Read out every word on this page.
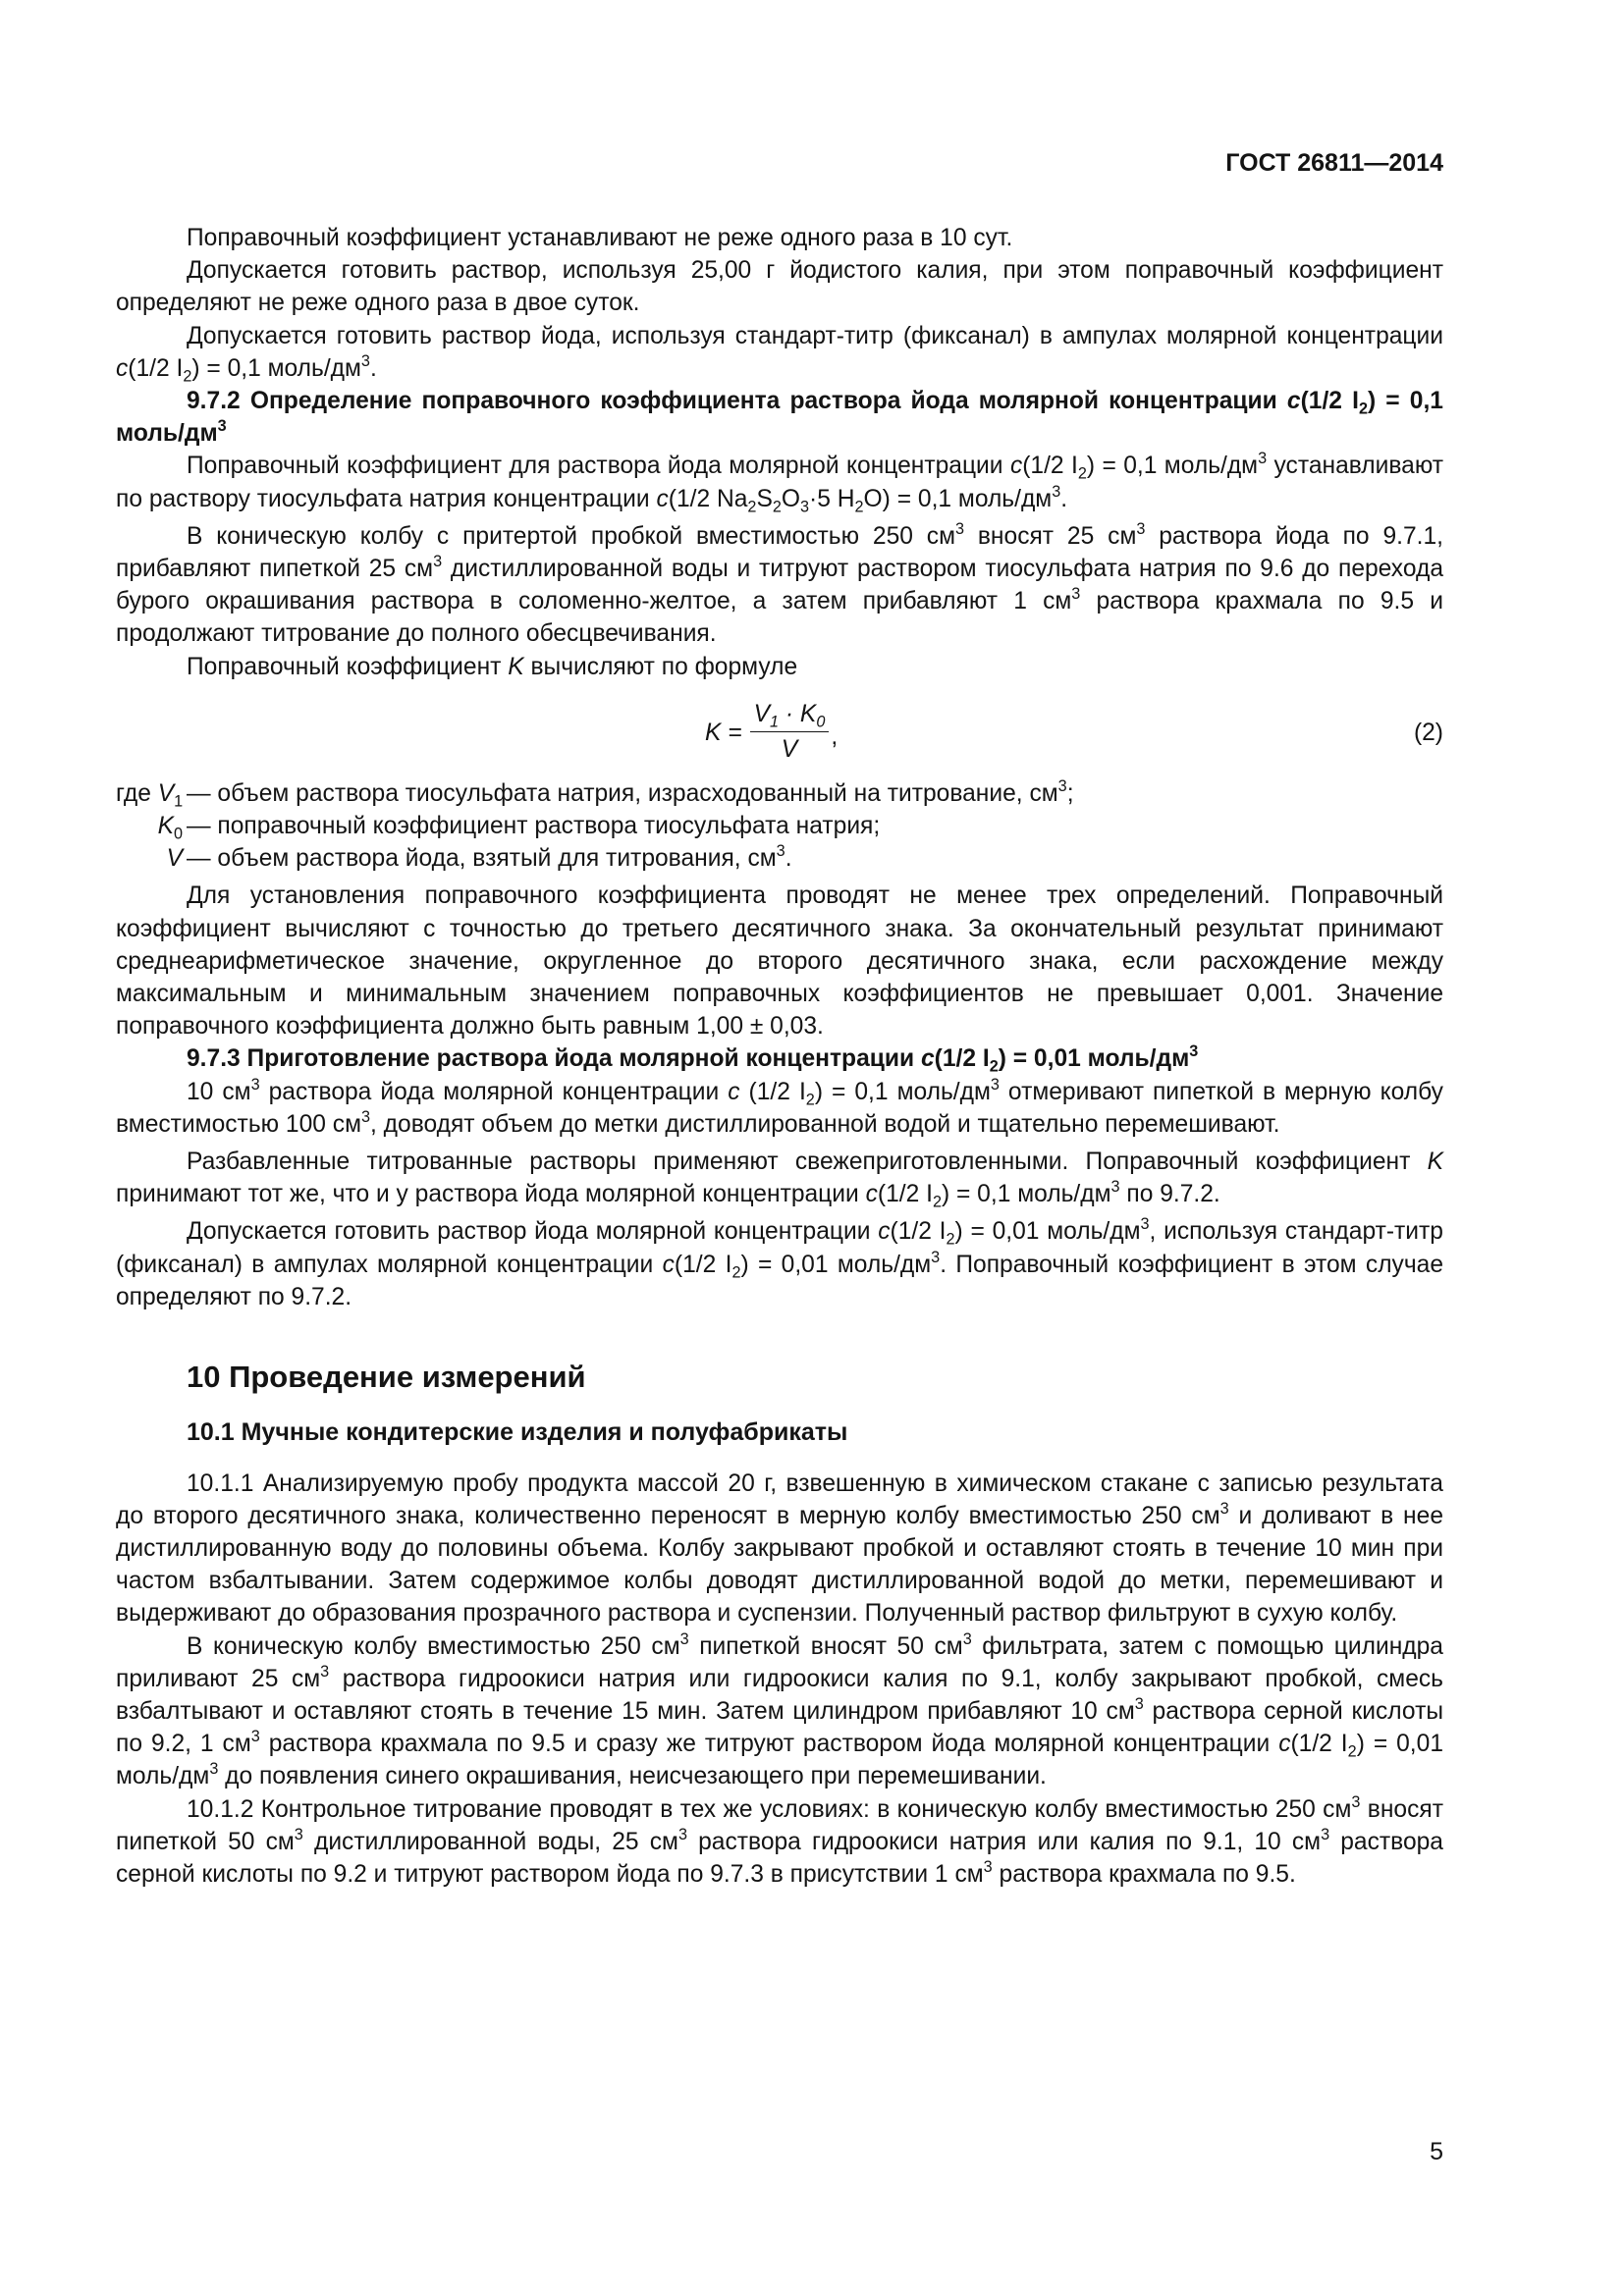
ГОСТ 26811—2014

Поправочный коэффициент устанавливают не реже одного раза в 10 сут.

Допускается готовить раствор, используя 25,00 г йодистого калия, при этом поправочный коэффициент определяют не реже одного раза в двое суток.

Допускается готовить раствор йода, используя стандарт-титр (фиксанал) в ампулах молярной концентрации c(1/2 $I_2) = 0,1$ моль/$дм^3$.

9.7.2 Определение поправочного коэффициента раствора йода молярной концентрации c(1/2 $I_2) = 0,1$ моль/$дм^3$

Поправочный коэффициент для раствора йода молярной концентрации c(1/2 $I_2) = 0,1$ моль/$дм^3$ устанавливают по раствору тиосульфата натрия концентрации c(1/2 $Na_2S_2O_3\cdot 5$ $H_2O) = 0,1$ моль/$дм^3$.

В коническую колбу с притертой пробкой вместимостью 250 $см^3$ вносят 25 $см^3$ раствора йода по 9.7.1, прибавляют пипеткой 25 $см^3$ дистиллированной воды и титруют раствором тиосульфата натрия по 9.6 до перехода бурого окрашивания раствора в соломенно-желтое, а затем прибавляют 1 $см^3$ раствора крахмала по 9.5 и продолжают титрование до полного обесцвечивания.

Поправочный коэффициент K вычисляют по формуле

$K = \frac{V_1 \cdot K_0}{V}$ ,	(2)
где $V_1$ — объем раствора тиосульфата натрия, израсходованный на титрование, $см^3$;
$K_0$ — поправочный коэффициент раствора тиосульфата натрия;
V — объем раствора йода, взятый для титрования, $см^3$.

Для установления поправочного коэффициента проводят не менее трех определений. Поправочный коэффициент вычисляют с точностью до третьего десятичного знака. За окончательный результат принимают среднеарифметическое значение, округленное до второго десятичного знака, если расхождение между максимальным и минимальным значением поправочных коэффициентов не превышает 0,001. Значение поправочного коэффициента должно быть равным 1,00 ± 0,03.

9.7.3 Приготовление раствора йода молярной концентрации c(1/2 $I_2) = 0,01$ моль/$дм^3$

10 $см^3$ раствора йода молярной концентрации c (1/2 $I_2) = 0,1$ моль/$дм^3$ отмеривают пипеткой в мерную колбу вместимостью 100 $см^3$, доводят объем до метки дистиллированной водой и тщательно перемешивают.

Разбавленные титрованные растворы применяют свежеприготовленными. Поправочный коэффициент K принимают тот же, что и у раствора йода молярной концентрации c(1/2 $I_2) = 0,1$ моль/$дм^3$ по 9.7.2.

Допускается готовить раствор йода молярной концентрации c(1/2 $I_2) = 0,01$ моль/$дм^3$, используя стандарт-титр (фиксанал) в ампулах молярной концентрации c(1/2 $I_2) = 0,01$ моль/$дм^3$. Поправочный коэффициент в этом случае определяют по 9.7.2.

10 Проведение измерений

10.1 Мучные кондитерские изделия и полуфабрикаты

10.1.1 Анализируемую пробу продукта массой 20 г, взвешенную в химическом стакане с записью результата до второго десятичного знака, количественно переносят в мерную колбу вместимостью 250 $см^3$ и доливают в нее дистиллированную воду до половины объема. Колбу закрывают пробкой и оставляют стоять в течение 10 мин при частом взбалтывании. Затем содержимое колбы доводят дистиллированной водой до метки, перемешивают и выдерживают до образования прозрачного раствора и суспензии. Полученный раствор фильтруют в сухую колбу.

В коническую колбу вместимостью 250 $см^3$ пипеткой вносят 50 $см^3$ фильтрата, затем с помощью цилиндра приливают 25 $см^3$ раствора гидроокиси натрия или гидроокиси калия по 9.1, колбу закрывают пробкой, смесь взбалтывают и оставляют стоять в течение 15 мин. Затем цилиндром прибавляют 10 $см^3$ раствора серной кислоты по 9.2, 1 $см^3$ раствора крахмала по 9.5 и сразу же титруют раствором йода молярной концентрации c(1/2 $I_2) = 0,01$ моль/$дм^3$ до появления синего окрашивания, неисчезающего при перемешивании.

10.1.2 Контрольное титрование проводят в тех же условиях: в коническую колбу вместимостью 250 $см^3$ вносят пипеткой 50 $см^3$ дистиллированной воды, 25 $см^3$ раствора гидроокиси натрия или калия по 9.1, 10 $см^3$ раствора серной кислоты по 9.2 и титруют раствором йода по 9.7.3 в присутствии 1 $см^3$ раствора крахмала по 9.5.

5
